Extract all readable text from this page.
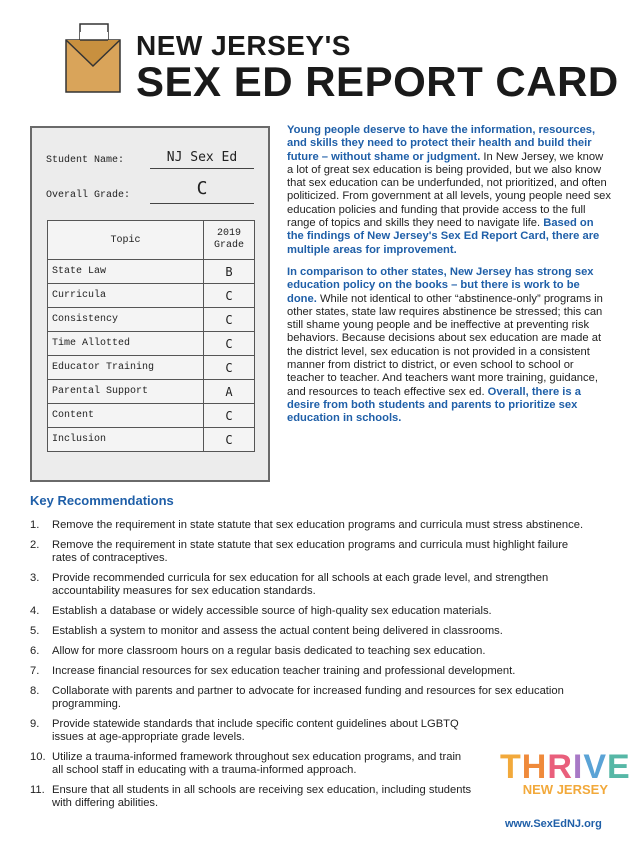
NEW JERSEY'S
SEX ED REPORT CARD
Student Name:	NJ Sex Ed
Overall Grade:	C
Topic	2019
Grade

State Law	B
Curricula	C
Consistency	C
Time Allotted	C
Educator Training	C
Parental Support	A
Content	C
Inclusion	C

Young people deserve to have the information, resources, and skills they need to protect their health and build their future – without shame or judgment. In New Jersey, we know a lot of great sex education is being provided, but we also know that sex education can be underfunded, not prioritized, and often politicized. From government at all levels, young people need sex education policies and funding that provide access to the full range of topics and skills they need to navigate life. Based on the findings of New Jersey's Sex Ed Report Card, there are multiple areas for improvement.

In comparison to other states, New Jersey has strong sex education policy on the books – but there is work to be done. While not identical to other “abstinence-only” programs in other states, state law requires abstinence be stressed; this can still shame young people and be ineffective at preventing risk behaviors. Because decisions about sex education are made at the district level, sex education is not provided in a consistent manner from district to district, or even school to school or teacher to teacher. And teachers want more training, guidance, and resources to teach effective sex ed. Overall, there is a desire from both students and parents to prioritize sex education in schools.

Key Recommendations
1. Remove the requirement in state statute that sex education programs and curricula must stress abstinence.
2. Remove the requirement in state statute that sex education programs and curricula must highlight failure rates of contraceptives.
3. Provide recommended curricula for sex education for all schools at each grade level, and strengthen accountability measures for sex education standards.
4. Establish a database or widely accessible source of high-quality sex education materials.
5. Establish a system to monitor and assess the actual content being delivered in classrooms.
6. Allow for more classroom hours on a regular basis dedicated to teaching sex education.
7. Increase financial resources for sex education teacher training and professional development.
8. Collaborate with parents and partner to advocate for increased funding and resources for sex education programming.
9. Provide statewide standards that include specific content guidelines about LGBTQ issues at age-appropriate grade levels.
10. Utilize a trauma-informed framework throughout sex education programs, and train all school staff in educating with a trauma-informed approach.
11. Ensure that all students in all schools are receiving sex education, including students with differing abilities.
THRIVE
NEW JERSEY
www.SexEdNJ.org
